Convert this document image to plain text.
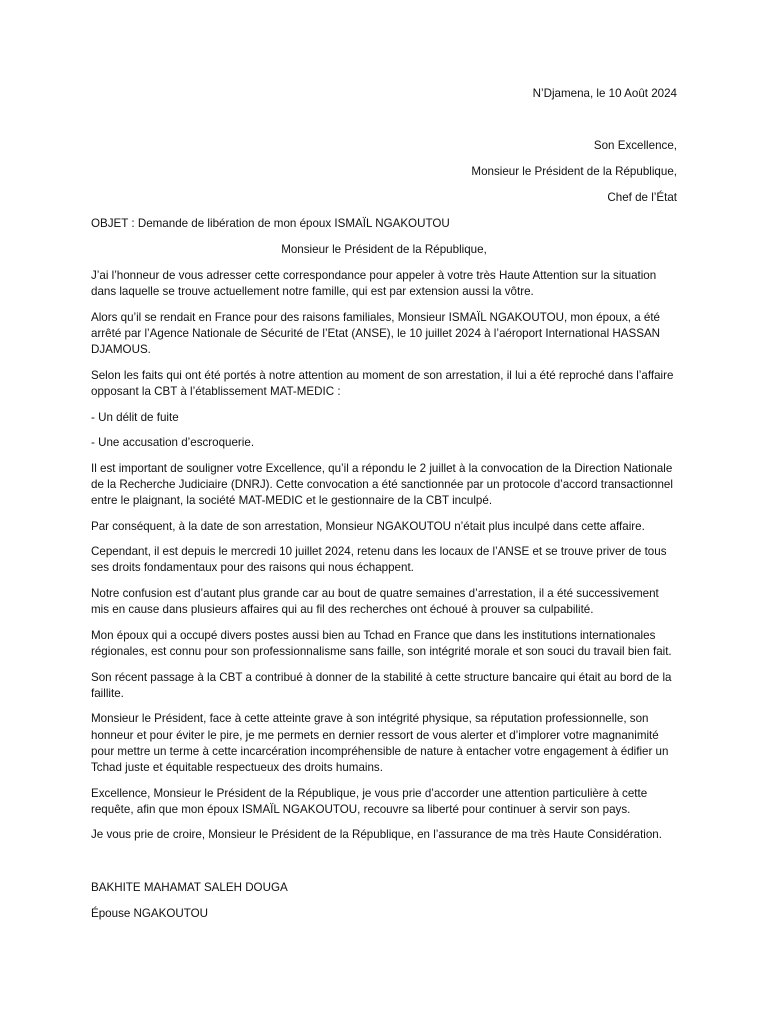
N’Djamena, le 10 Août 2024

Son Excellence,

Monsieur le Président de la République,

Chef de l’État

OBJET : Demande de libération de mon époux ISMAÏL NGAKOUTOU

Monsieur le Président de la République,

J’ai l’honneur de vous adresser cette correspondance pour appeler à votre très Haute Attention sur la situation dans laquelle se trouve actuellement notre famille, qui est par extension aussi la vôtre.

Alors qu’il se rendait en France pour des raisons familiales, Monsieur ISMAÏL NGAKOUTOU, mon époux, a été arrêté par l’Agence Nationale de Sécurité de l’Etat (ANSE), le 10 juillet 2024 à l’aéroport International HASSAN DJAMOUS.

Selon les faits qui ont été portés à notre attention au moment de son arrestation, il lui a été reproché dans l’affaire opposant la CBT à l’établissement MAT-MEDIC :

- Un délit de fuite

- Une accusation d’escroquerie.

Il est important de souligner votre Excellence, qu’il a répondu le 2 juillet à la convocation de la Direction Nationale de la Recherche Judiciaire (DNRJ). Cette convocation a été sanctionnée par un protocole d’accord transactionnel entre le plaignant, la société MAT-MEDIC et le gestionnaire de la CBT inculpé.

Par conséquent, à la date de son arrestation, Monsieur NGAKOUTOU n’était plus inculpé dans cette affaire.

Cependant, il est depuis le mercredi 10 juillet 2024, retenu dans les locaux de l’ANSE et se trouve priver de tous ses droits fondamentaux pour des raisons qui nous échappent.

Notre confusion est d’autant plus grande car au bout de quatre semaines d’arrestation, il a été successivement mis en cause dans plusieurs affaires qui au fil des recherches ont échoué à prouver sa culpabilité.

Mon époux qui a occupé divers postes aussi bien au Tchad en France que dans les institutions internationales régionales, est connu pour son professionnalisme sans faille, son intégrité morale et son souci du travail bien fait.

Son récent passage à la CBT a contribué à donner de la stabilité à cette structure bancaire qui était au bord de la faillite.

Monsieur le Président, face à cette atteinte grave à son intégrité physique, sa réputation professionnelle, son honneur et pour éviter le pire, je me permets en dernier ressort de vous alerter et d’implorer votre magnanimité pour mettre un terme à cette incarcération incompréhensible de nature à entacher votre engagement à édifier un Tchad juste et équitable respectueux des droits humains.

Excellence, Monsieur le Président de la République, je vous prie d’accorder une attention particulière à cette requête, afin que mon époux ISMAÏL NGAKOUTOU, recouvre sa liberté pour continuer à servir son pays.

Je vous prie de croire, Monsieur le Président de la République, en l’assurance de ma très Haute Considération.

BAKHITE MAHAMAT SALEH DOUGA

Épouse NGAKOUTOU
